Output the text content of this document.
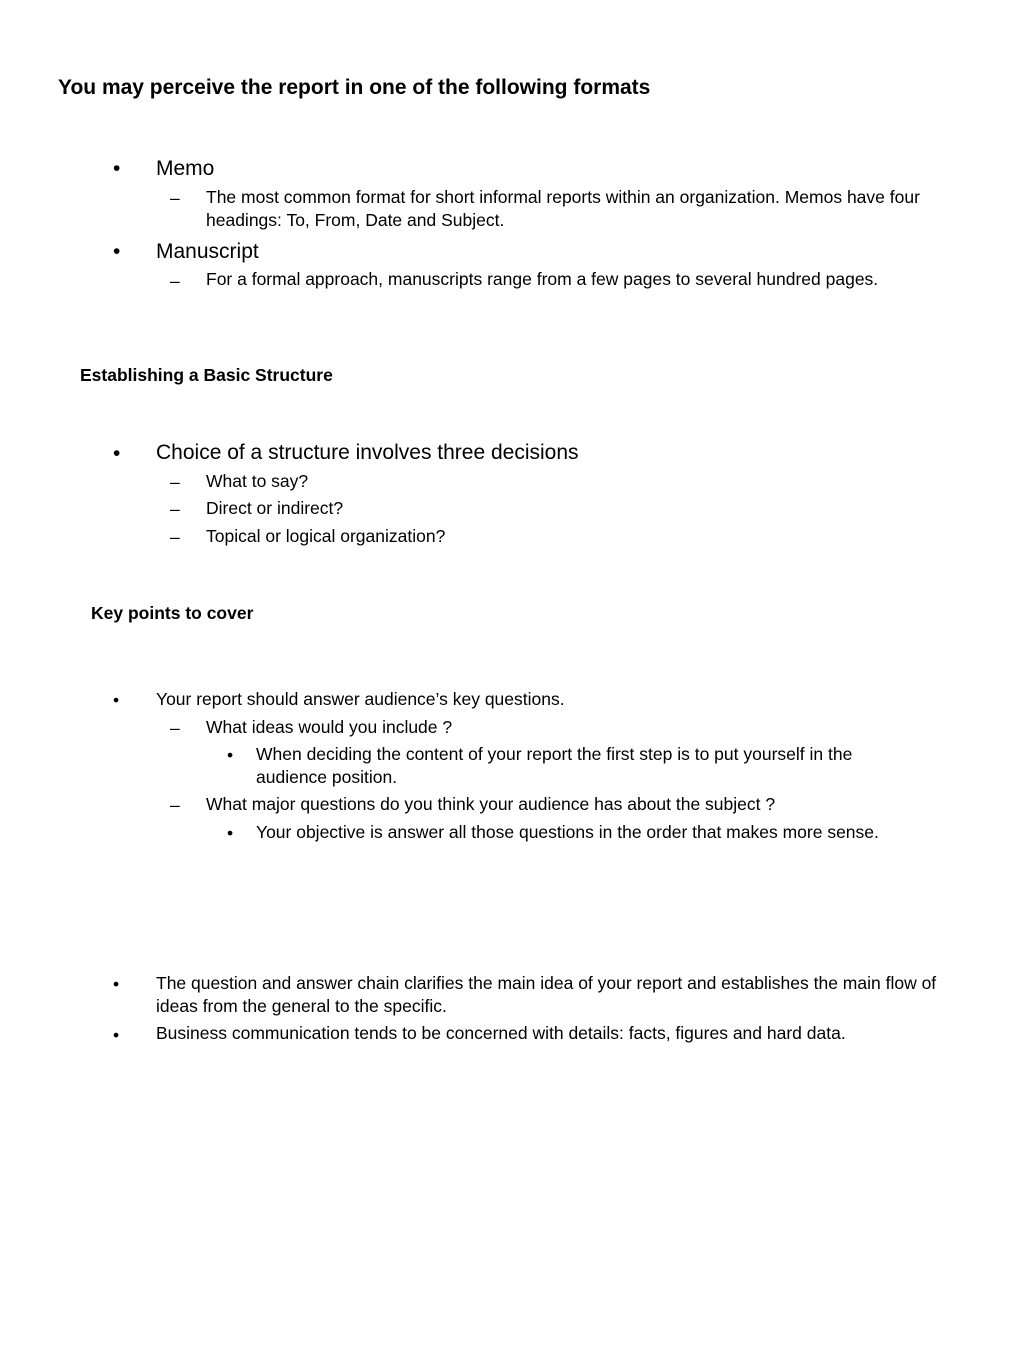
You may perceive the report in one of the following formats
• Memo
– The most common format for short informal reports within an organization. Memos have four headings: To, From, Date and Subject.
• Manuscript
– For a formal approach, manuscripts range from a few pages to several hundred pages.
Establishing a Basic Structure
• Choice of a structure involves three decisions
– What to say?
– Direct or indirect?
– Topical or logical organization?
Key points to cover
• Your report should answer audience’s key questions.
– What ideas would you include ?
• When deciding the content of your report the first step is to put yourself in the audience position.
– What major questions do you think your audience has about the subject ?
• Your objective is answer all those questions in the order that makes more sense.
• The question and answer chain clarifies the main idea of your report and establishes the main flow of ideas from the general to the specific.
• Business communication tends to be concerned with details: facts, figures and hard data.
